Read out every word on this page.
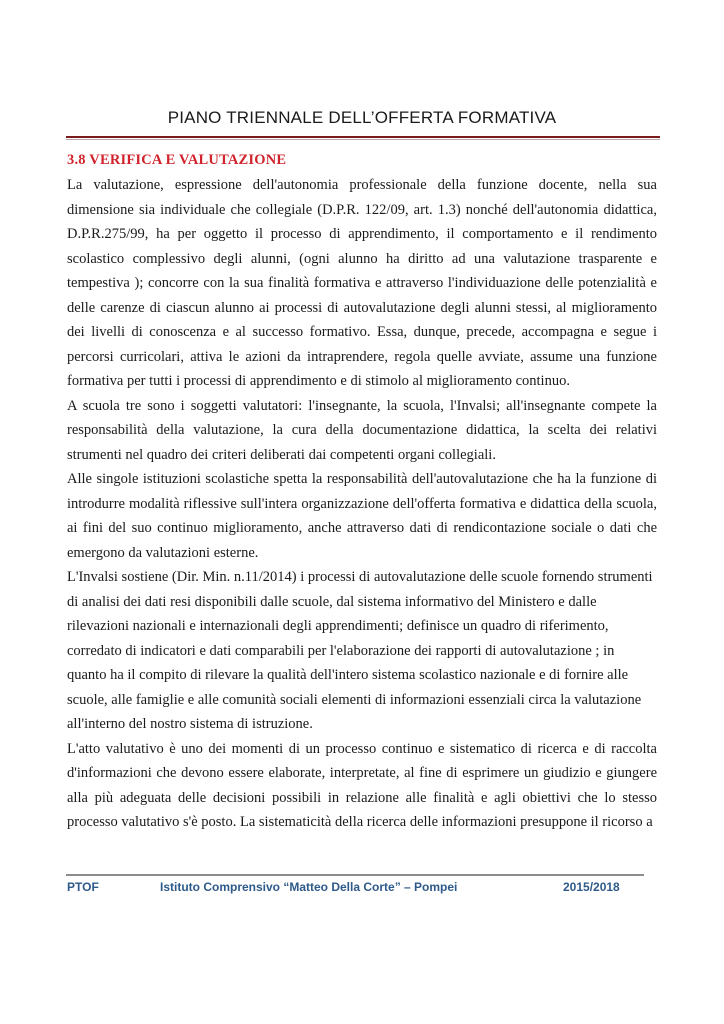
PIANO TRIENNALE DELL’OFFERTA FORMATIVA
3.8 VERIFICA E VALUTAZIONE

La valutazione, espressione dell'autonomia professionale della funzione docente, nella sua dimensione sia individuale che collegiale (D.P.R. 122/09, art. 1.3) nonché dell'autonomia didattica, D.P.R.275/99, ha per oggetto il processo di apprendimento, il comportamento e il rendimento scolastico complessivo degli alunni, (ogni alunno ha diritto ad una valutazione trasparente e tempestiva ); concorre con la sua finalità formativa e attraverso l'individuazione delle potenzialità e delle carenze di ciascun alunno ai processi di autovalutazione degli alunni stessi, al miglioramento dei livelli di conoscenza e al successo formativo. Essa, dunque, precede, accompagna e segue i percorsi curricolari, attiva le azioni da intraprendere, regola quelle avviate, assume una funzione formativa per tutti i processi di apprendimento e di stimolo al miglioramento continuo.

A scuola tre sono i soggetti valutatori: l'insegnante, la scuola, l'Invalsi; all'insegnante compete la responsabilità della valutazione, la cura della documentazione didattica, la scelta dei relativi strumenti nel quadro dei criteri deliberati dai competenti organi collegiali.

Alle singole istituzioni scolastiche spetta la responsabilità dell'autovalutazione che ha la funzione di introdurre modalità riflessive sull'intera organizzazione dell'offerta formativa e didattica della scuola, ai fini del suo continuo miglioramento, anche attraverso dati di rendicontazione sociale o dati che emergono da valutazioni esterne.

L'Invalsi sostiene (Dir. Min. n.11/2014) i processi di autovalutazione delle scuole fornendo strumenti di analisi dei dati resi disponibili dalle scuole, dal sistema informativo del Ministero e dalle rilevazioni nazionali e internazionali degli apprendimenti; definisce un quadro di riferimento, corredato di indicatori e dati comparabili per l'elaborazione dei rapporti di autovalutazione ; in quanto ha il compito di rilevare la qualità dell'intero sistema scolastico nazionale e di fornire alle scuole, alle famiglie e alle comunità sociali elementi di informazioni essenziali circa la valutazione all'interno del nostro sistema di istruzione.

L'atto valutativo è uno dei momenti di un processo continuo e sistematico di ricerca e di raccolta d'informazioni che devono essere elaborate, interpretate, al fine di esprimere un giudizio e giungere alla più adeguata delle decisioni possibili in relazione alle finalità e agli obiettivi che lo stesso processo valutativo s'è posto. La sistematicità della ricerca delle informazioni presuppone il ricorso a

PTOF	Istituto Comprensivo “Matteo Della Corte” – Pompei	2015/2018
